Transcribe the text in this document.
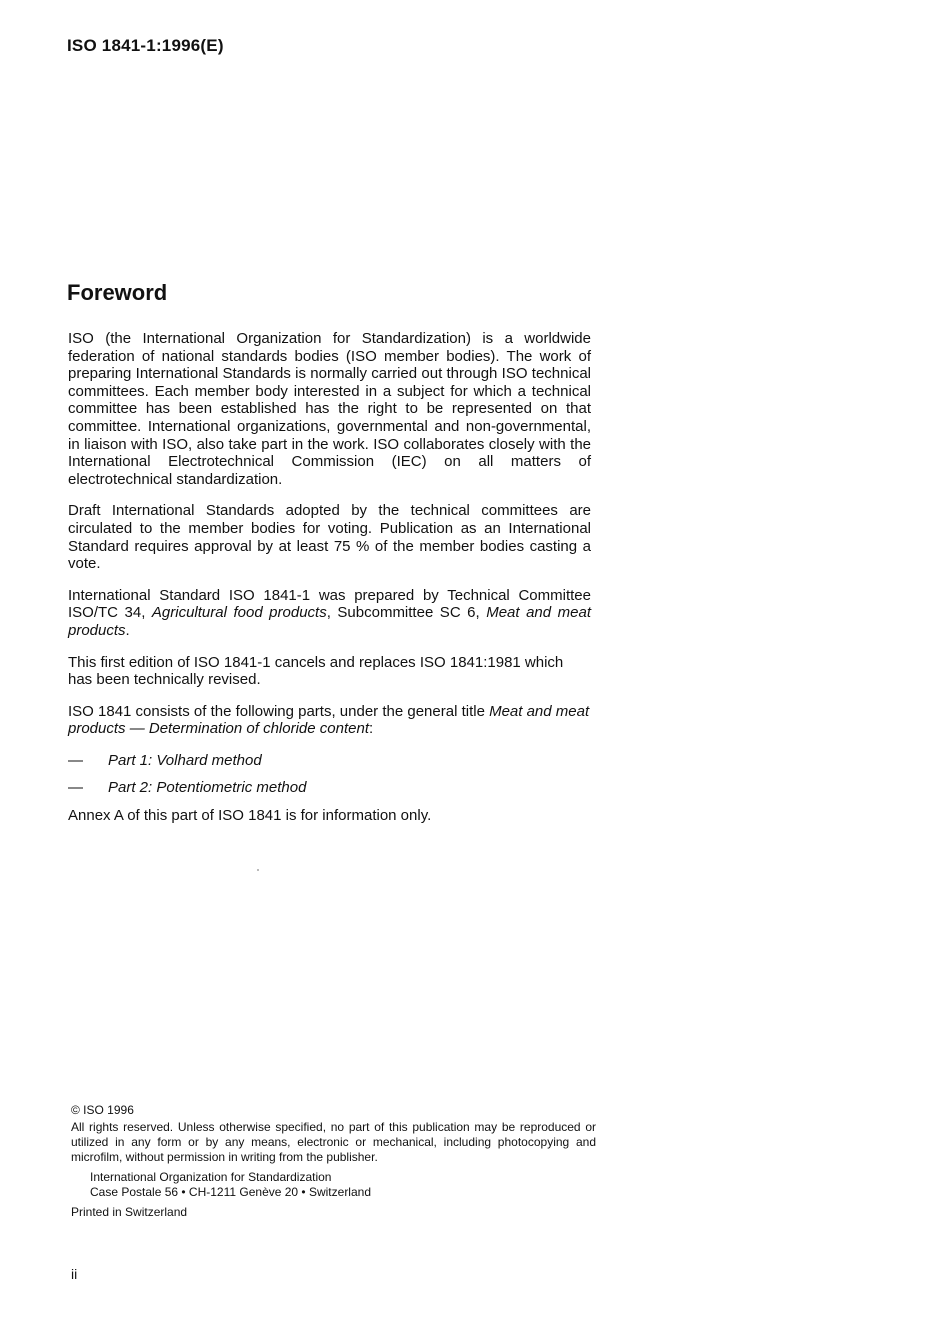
ISO 1841-1:1996(E)
Foreword

ISO (the International Organization for Standardization) is a worldwide federation of national standards bodies (ISO member bodies). The work of preparing International Standards is normally carried out through ISO technical committees. Each member body interested in a subject for which a technical committee has been established has the right to be represented on that committee. International organizations, governmental and non-governmental, in liaison with ISO, also take part in the work. ISO collaborates closely with the International Electrotechnical Commission (IEC) on all matters of electrotechnical standardization.

Draft International Standards adopted by the technical committees are circulated to the member bodies for voting. Publication as an International Standard requires approval by at least 75 % of the member bodies casting a vote.

International Standard ISO 1841-1 was prepared by Technical Committee ISO/TC 34, Agricultural food products, Subcommittee SC 6, Meat and meat products.

This first edition of ISO 1841-1 cancels and replaces ISO 1841:1981 which has been technically revised.

ISO 1841 consists of the following parts, under the general title Meat and meat products — Determination of chloride content:

—	Part 1: Volhard method
—	Part 2: Potentiometric method

Annex A of this part of ISO 1841 is for information only.

© ISO 1996
All rights reserved. Unless otherwise specified, no part of this publication may be reproduced or utilized in any form or by any means, electronic or mechanical, including photocopying and microfilm, without permission in writing from the publisher.
International Organization for Standardization
Case Postale 56 • CH-1211 Genève 20 • Switzerland
Printed in Switzerland
ii
